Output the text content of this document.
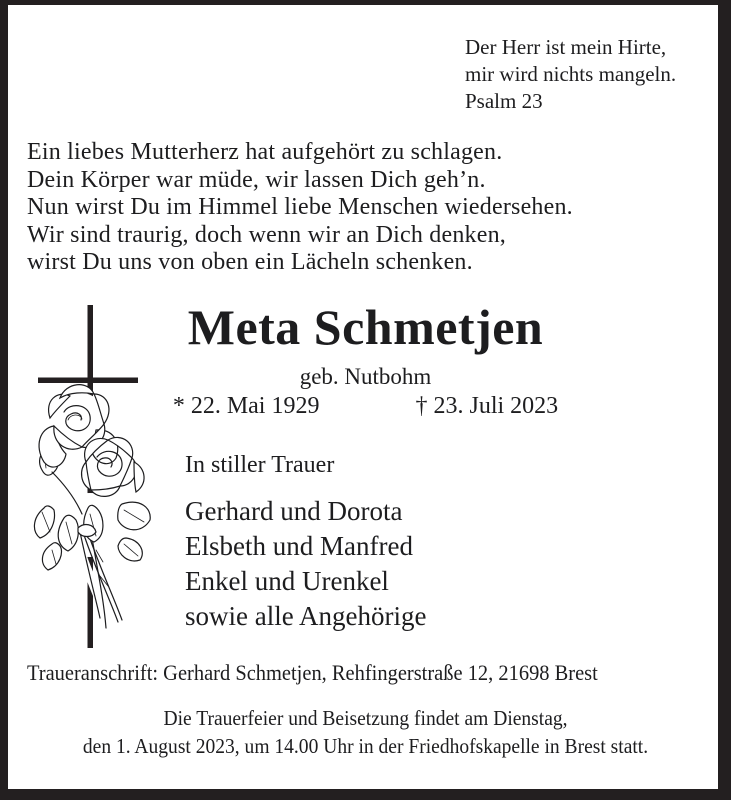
Der Herr ist mein Hirte,
mir wird nichts mangeln.
Psalm 23
Ein liebes Mutterherz hat aufgehört zu schlagen.
Dein Körper war müde, wir lassen Dich geh’n.
Nun wirst Du im Himmel liebe Menschen wiedersehen.
Wir sind traurig, doch wenn wir an Dich denken,
wirst Du uns von oben ein Lächeln schenken.
Meta Schmetjen
geb. Nutbohm
* 22. Mai 1929	† 23. Juli 2023
In stiller Trauer
Gerhard und Dorota
Elsbeth und Manfred
Enkel und Urenkel
sowie alle Angehörige
Traueranschrift: Gerhard Schmetjen, Rehfingerstraße 12, 21698 Brest
Die Trauerfeier und Beisetzung findet am Dienstag,
den 1. August 2023, um 14.00 Uhr in der Friedhofskapelle in Brest statt.
